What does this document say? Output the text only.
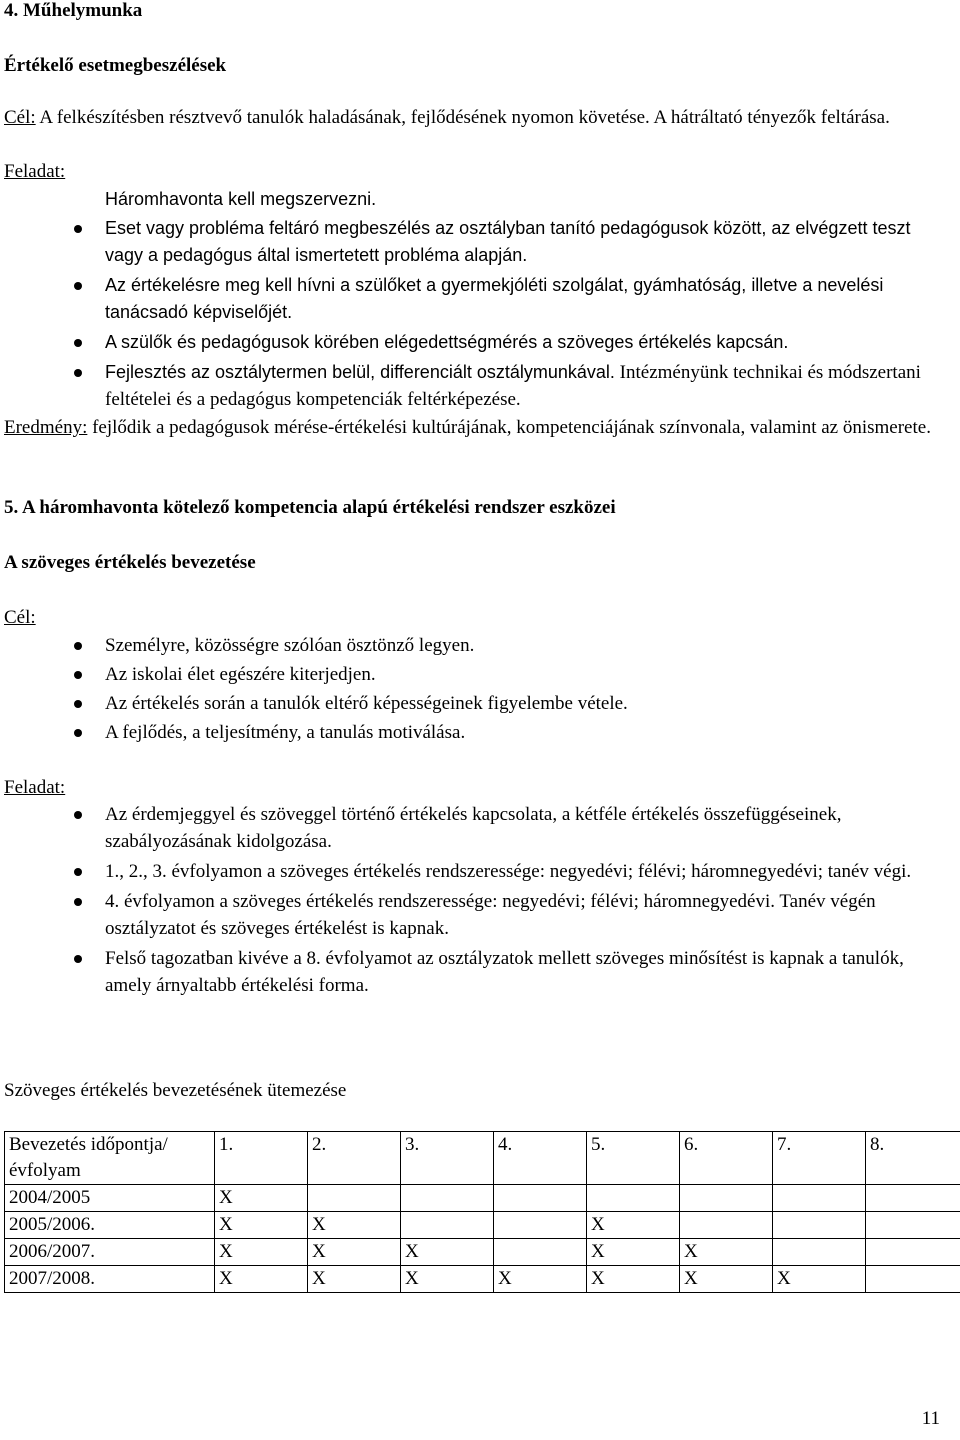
4. Műhelymunka
Értékelő esetmegbeszélések
Cél: A felkészítésben résztvevő tanulók haladásának, fejlődésének nyomon követése. A hátráltató tényezők feltárása.
Feladat:
Háromhavonta kell megszervezni.
Eset vagy probléma feltáró megbeszélés az osztályban tanító pedagógusok között, az elvégzett teszt vagy a pedagógus által ismertetett probléma alapján.
Az értékelésre meg kell hívni a szülőket a gyermekjóléti szolgálat, gyámhatóság, illetve a nevelési tanácsadó képviselőjét.
A szülők és pedagógusok körében elégedettségmérés a szöveges értékelés kapcsán.
Fejlesztés az osztálytermen belül, differenciált osztálymunkával. Intézményünk technikai és módszertani feltételei és a pedagógus kompetenciák feltérképezése.
Eredmény: fejlődik a pedagógusok mérése-értékelési kultúrájának, kompetenciájának színvonala, valamint az önismerete.
5. A háromhavonta kötelező kompetencia alapú értékelési rendszer eszközei
A szöveges értékelés bevezetése
Cél:
Személyre, közösségre szólóan ösztönző legyen.
Az iskolai élet egészére kiterjedjen.
Az értékelés során a tanulók eltérő képességeinek figyelembe vétele.
A fejlődés, a teljesítmény, a tanulás motiválása.
Feladat:
Az érdemjeggyel és szöveggel történő értékelés kapcsolata, a kétféle értékelés összefüggéseinek, szabályozásának kidolgozása.
1., 2., 3. évfolyamon a szöveges értékelés rendszeressége: negyedévi; félévi; háromnegyedévi; tanév végi.
4. évfolyamon a szöveges értékelés rendszeressége: negyedévi; félévi; háromnegyedévi. Tanév végén osztályzatot és szöveges értékelést is kapnak.
Felső tagozatban kivéve a 8. évfolyamot az osztályzatok mellett szöveges minősítést is kapnak a tanulók, amely árnyaltabb értékelési forma.
Szöveges értékelés bevezetésének ütemezése
Bevezetés időpontja/évfolyam	1.	2.	3.	4.	5.	6.	7.	8.
2004/2005	X							
2005/2006.	X	X			X			
2006/2007.	X	X	X		X	X		
2007/2008.	X	X	X	X	X	X	X	
11
